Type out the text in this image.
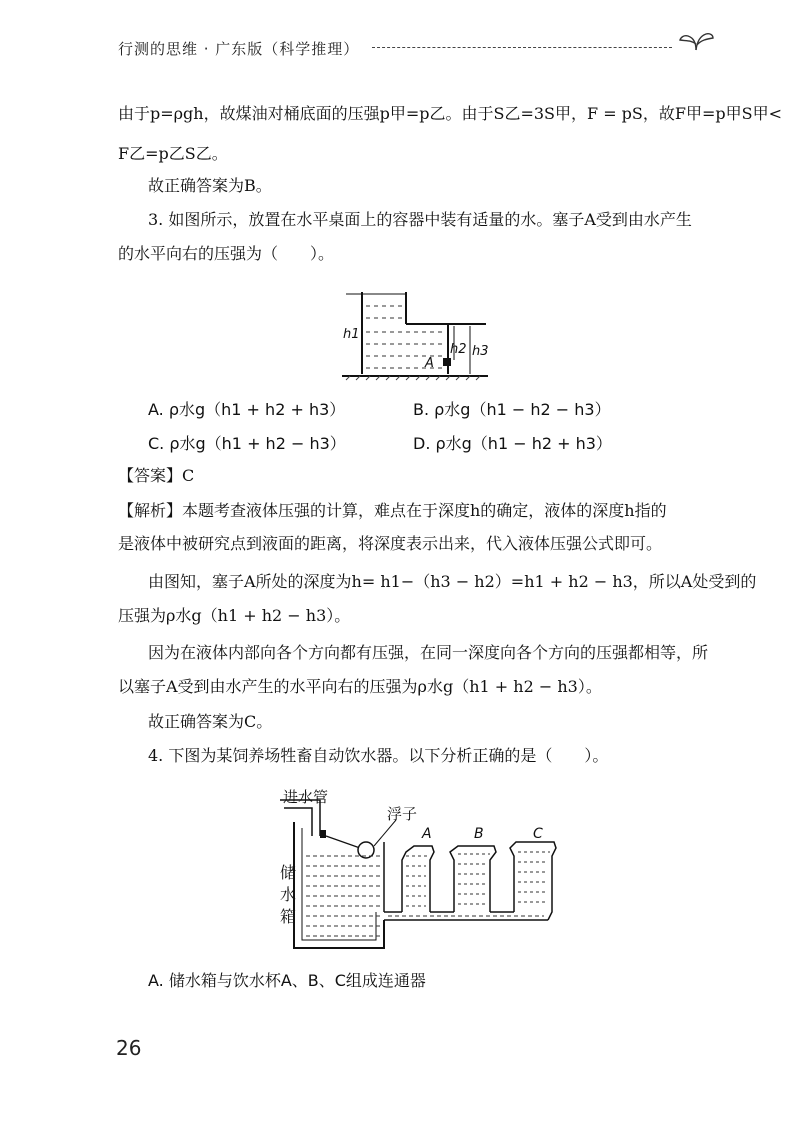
行测的思维 · 广东版（科学推理）
由于p=ρgh，故煤油对桶底面的压强p甲=p乙。由于S乙=3S甲，F = pS，故F甲=p甲S甲<
F乙=p乙S乙。
故正确答案为B。
3. 如图所示，放置在水平桌面上的容器中装有适量的水。塞子A受到由水产生
的水平向右的压强为（　　）。
h1
h2 h3
A
A. ρ水g（h1 + h2 + h3）	B. ρ水g（h1 − h2 − h3）
C. ρ水g（h1 + h2 − h3）	D. ρ水g（h1 − h2 + h3）
【答案】C
【解析】本题考查液体压强的计算，难点在于深度h的确定，液体的深度h指的
是液体中被研究点到液面的距离，将深度表示出来，代入液体压强公式即可。
由图知，塞子A所处的深度为h= h1−（h3 − h2）=h1 + h2 − h3，所以A处受到的
压强为ρ水g（h1 + h2 − h3）。
因为在液体内部向各个方向都有压强，在同一深度向各个方向的压强都相等，所
以塞子A受到由水产生的水平向右的压强为ρ水g（h1 + h2 − h3）。
故正确答案为C。
4. 下图为某饲养场牲畜自动饮水器。以下分析正确的是（　　）。
进水管
浮子
A	B	C
储
水
箱
A. 储水箱与饮水杯A、B、C组成连通器
26
